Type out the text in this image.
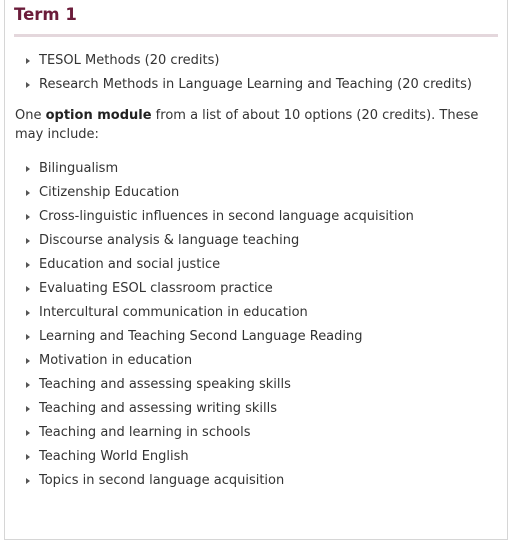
Term 1
TESOL Methods (20 credits)
Research Methods in Language Learning and Teaching (20 credits)

One option module from a list of about 10 options (20 credits). These may include:

Bilingualism
Citizenship Education
Cross-linguistic influences in second language acquisition
Discourse analysis & language teaching
Education and social justice
Evaluating ESOL classroom practice
Intercultural communication in education
Learning and Teaching Second Language Reading
Motivation in education
Teaching and assessing speaking skills
Teaching and assessing writing skills
Teaching and learning in schools
Teaching World English
Topics in second language acquisition
